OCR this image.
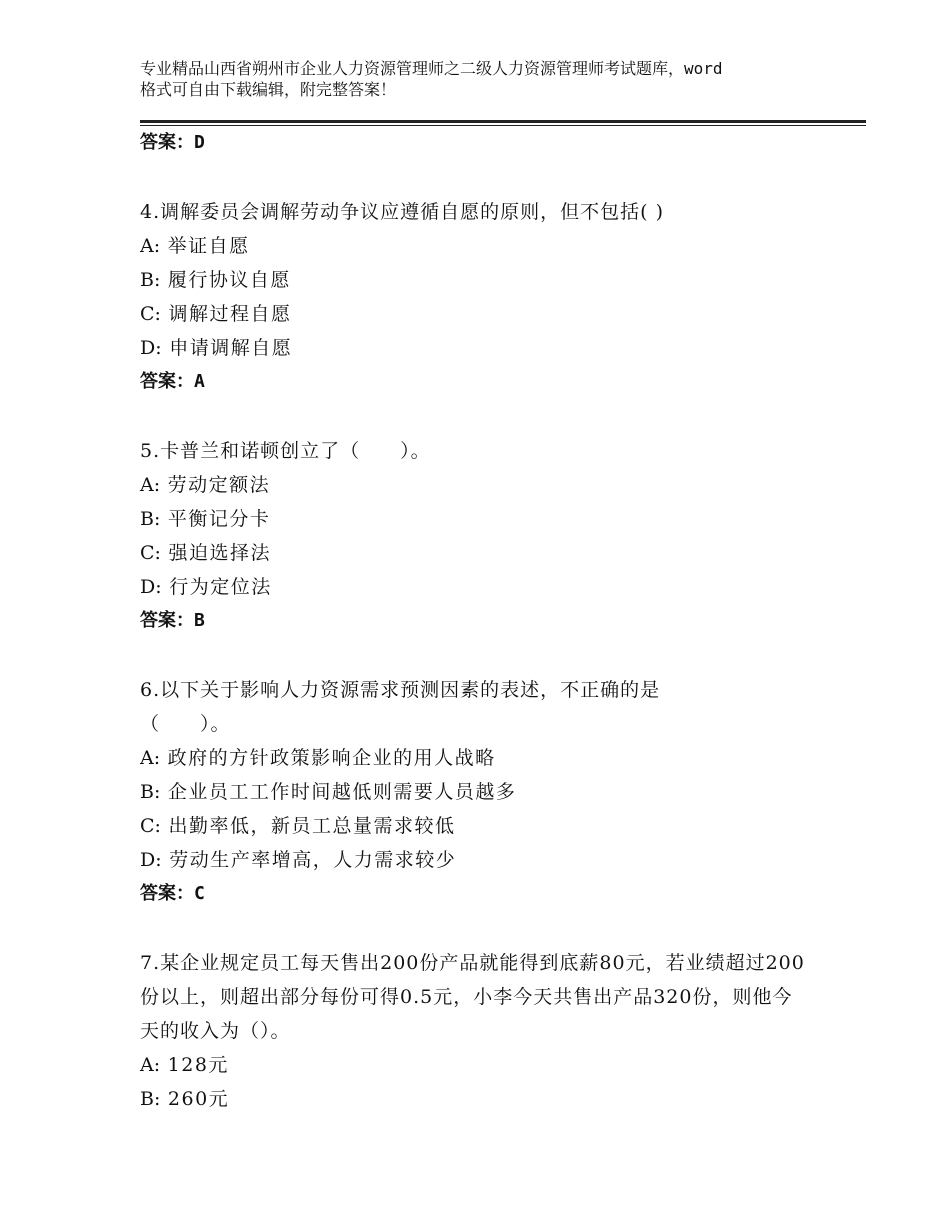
专业精品山西省朔州市企业人力资源管理师之二级人力资源管理师考试题库，word
格式可自由下载编辑，附完整答案！
答案：D
4.调解委员会调解劳动争议应遵循自愿的原则，但不包括( )
A: 举证自愿
B: 履行协议自愿
C: 调解过程自愿
D: 申请调解自愿
答案：A
5.卡普兰和诺顿创立了（　　）。
A: 劳动定额法
B: 平衡记分卡
C: 强迫选择法
D: 行为定位法
答案：B
6.以下关于影响人力资源需求预测因素的表述，不正确的是（　　）。
A: 政府的方针政策影响企业的用人战略
B: 企业员工工作时间越低则需要人员越多
C: 出勤率低，新员工总量需求较低
D: 劳动生产率增高，人力需求较少
答案：C
7.某企业规定员工每天售出200份产品就能得到底薪80元，若业绩超过200份以上，则超出部分每份可得0.5元，小李今天共售出产品320份，则他今天的收入为（）。
A: 128元
B: 260元
